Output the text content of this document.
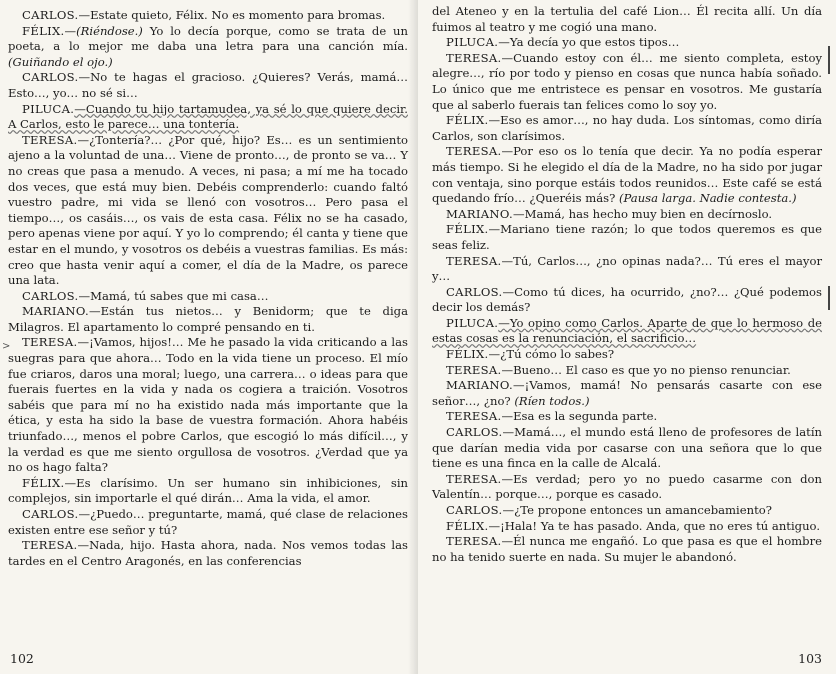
CARLOS.—Estate quieto, Félix. No es momento para bromas.

FÉLIX.—(Riéndose.) Yo lo decía porque, como se trata de un poeta, a lo mejor me daba una letra para una canción mía. (Guiñando el ojo.)

CARLOS.—No te hagas el gracioso. ¿Quieres? Verás, mamá… Esto…, yo… no sé si…

PILUCA.—Cuando tu hijo tartamudea, ya sé lo que quiere decir. A Carlos, esto le parece… una tontería.

TERESA.—¿Tontería?… ¿Por qué, hijo? Es… es un sentimiento ajeno a la voluntad de una… Viene de pronto…, de pronto se va… Y no creas que pasa a menudo. A veces, ni pasa; a mí me ha tocado dos veces, que está muy bien. Debéis comprenderlo: cuando faltó vuestro padre, mi vida se llenó con vosotros… Pero pasa el tiempo…, os casáis…, os vais de esta casa. Félix no se ha casado, pero apenas viene por aquí. Y yo lo comprendo; él canta y tiene que estar en el mundo, y vosotros os debéis a vuestras familias. Es más: creo que hasta venir aquí a comer, el día de la Madre, os parece una lata.

CARLOS.—Mamá, tú sabes que mi casa…

MARIANO.—Están tus nietos… y Benidorm; que te diga Milagros. El apartamento lo compré pensando en ti.

TERESA.—¡Vamos, hijos!… Me he pasado la vida criticando a las suegras para que ahora… Todo en la vida tiene un proceso. El mío fue criaros, daros una moral; luego, una carrera… o ideas para que fuerais fuertes en la vida y nada os cogiera a traición. Vosotros sabéis que para mí no ha existido nada más importante que la ética, y esta ha sido la base de vuestra formación. Ahora habéis triunfado…, menos el pobre Carlos, que escogió lo más difícil…, y la verdad es que me siento orgullosa de vosotros. ¿Verdad que ya no os hago falta?

FÉLIX.—Es clarísimo. Un ser humano sin inhibiciones, sin complejos, sin importarle el qué dirán… Ama la vida, el amor.

CARLOS.—¿Puedo… preguntarte, mamá, qué clase de relaciones existen entre ese señor y tú?

TERESA.—Nada, hijo. Hasta ahora, nada. Nos vemos todas las tardes en el Centro Aragonés, en las conferencias

>
102

del Ateneo y en la tertulia del café Lion… Él recita allí. Un día fuimos al teatro y me cogió una mano.

PILUCA.—Ya decía yo que estos tipos…

TERESA.—Cuando estoy con él… me siento completa, estoy alegre…, río por todo y pienso en cosas que nunca había soñado. Lo único que me entristece es pensar en vosotros. Me gustaría que al saberlo fuerais tan felices como lo soy yo.

FÉLIX.—Eso es amor…, no hay duda. Los síntomas, como diría Carlos, son clarísimos.

TERESA.—Por eso os lo tenía que decir. Ya no podía esperar más tiempo. Si he elegido el día de la Madre, no ha sido por jugar con ventaja, sino porque estáis todos reunidos… Este café se está quedando frío… ¿Queréis más? (Pausa larga. Nadie contesta.)

MARIANO.—Mamá, has hecho muy bien en decírnoslo.

FÉLIX.—Mariano tiene razón; lo que todos queremos es que seas feliz.

TERESA.—Tú, Carlos…, ¿no opinas nada?… Tú eres el mayor y…

CARLOS.—Como tú dices, ha ocurrido, ¿no?… ¿Qué podemos decir los demás?

PILUCA.—Yo opino como Carlos. Aparte de que lo hermoso de estas cosas es la renunciación, el sacrificio…

FÉLIX.—¿Tú cómo lo sabes?

TERESA.—Bueno… El caso es que yo no pienso renunciar.

MARIANO.—¡Vamos, mamá! No pensarás casarte con ese señor…, ¿no? (Ríen todos.)

TERESA.—Esa es la segunda parte.

CARLOS.—Mamá…, el mundo está lleno de profesores de latín que darían media vida por casarse con una señora que lo que tiene es una finca en la calle de Alcalá.

TERESA.—Es verdad; pero yo no puedo casarme con don Valentín… porque…, porque es casado.

CARLOS.—¿Te propone entonces un amancebamiento?

FÉLIX.—¡Hala! Ya te has pasado. Anda, que no eres tú antiguo.

TERESA.—Él nunca me engañó. Lo que pasa es que el hombre no ha tenido suerte en nada. Su mujer le abandonó.

103
